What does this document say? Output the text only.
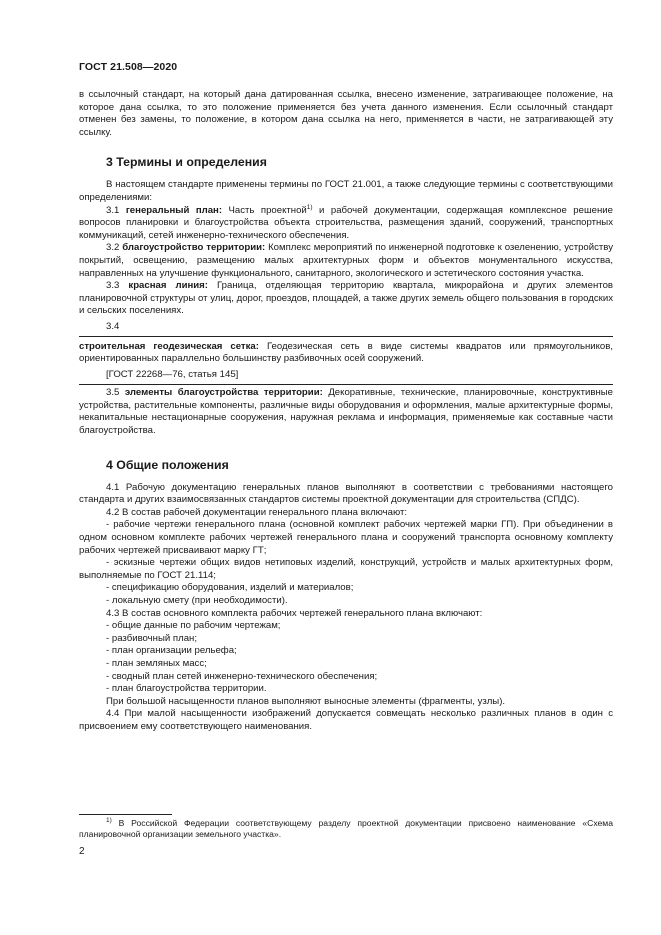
ГОСТ 21.508—2020

в ссылочный стандарт, на который дана датированная ссылка, внесено изменение, затрагивающее положение, на которое дана ссылка, то это положение применяется без учета данного изменения. Если ссылочный стандарт отменен без замены, то положение, в котором дана ссылка на него, применяется в части, не затрагивающей эту ссылку.

3 Термины и определения

В настоящем стандарте применены термины по ГОСТ 21.001, а также следующие термины с соответствующими определениями:

3.1 генеральный план: Часть проектной$^{1)}$ и рабочей документации, содержащая комплексное решение вопросов планировки и благоустройства объекта строительства, размещения зданий, сооружений, транспортных коммуникаций, сетей инженерно-технического обеспечения.

3.2 благоустройство территории: Комплекс мероприятий по инженерной подготовке к озеленению, устройству покрытий, освещению, размещению малых архитектурных форм и объектов монументального искусства, направленных на улучшение функционального, санитарного, экологического и эстетического состояния участка.

3.3 красная линия: Граница, отделяющая территорию квартала, микрорайона и других элементов планировочной структуры от улиц, дорог, проездов, площадей, а также других земель общего пользования в городских и сельских поселениях.

3.4

строительная геодезическая сетка: Геодезическая сеть в виде системы квадратов или прямоугольников, ориентированных параллельно большинству разбивочных осей сооружений.

[ГОСТ 22268—76, статья 145]

3.5 элементы благоустройства территории: Декоративные, технические, планировочные, конструктивные устройства, растительные компоненты, различные виды оборудования и оформления, малые архитектурные формы, некапитальные нестационарные сооружения, наружная реклама и информация, применяемые как составные части благоустройства.

4 Общие положения

4.1 Рабочую документацию генеральных планов выполняют в соответствии с требованиями настоящего стандарта и других взаимосвязанных стандартов системы проектной документации для строительства (СПДС).

4.2 В состав рабочей документации генерального плана включают:

- рабочие чертежи генерального плана (основной комплект рабочих чертежей марки ГП). При объединении в одном основном комплекте рабочих чертежей генерального плана и сооружений транспорта основному комплекту рабочих чертежей присваивают марку ГТ;

- эскизные чертежи общих видов нетиповых изделий, конструкций, устройств и малых архитектурных форм, выполняемые по ГОСТ 21.114;

- спецификацию оборудования, изделий и материалов;

- локальную смету (при необходимости).

4.3 В состав основного комплекта рабочих чертежей генерального плана включают:

- общие данные по рабочим чертежам;

- разбивочный план;

- план организации рельефа;

- план земляных масс;

- сводный план сетей инженерно-технического обеспечения;

- план благоустройства территории.

При большой насыщенности планов выполняют выносные элементы (фрагменты, узлы).

4.4 При малой насыщенности изображений допускается совмещать несколько различных планов в один с присвоением ему соответствующего наименования.

$^{1)}$ В Российской Федерации соответствующему разделу проектной документации присвоено наименование «Схема планировочной организации земельного участка».
2
